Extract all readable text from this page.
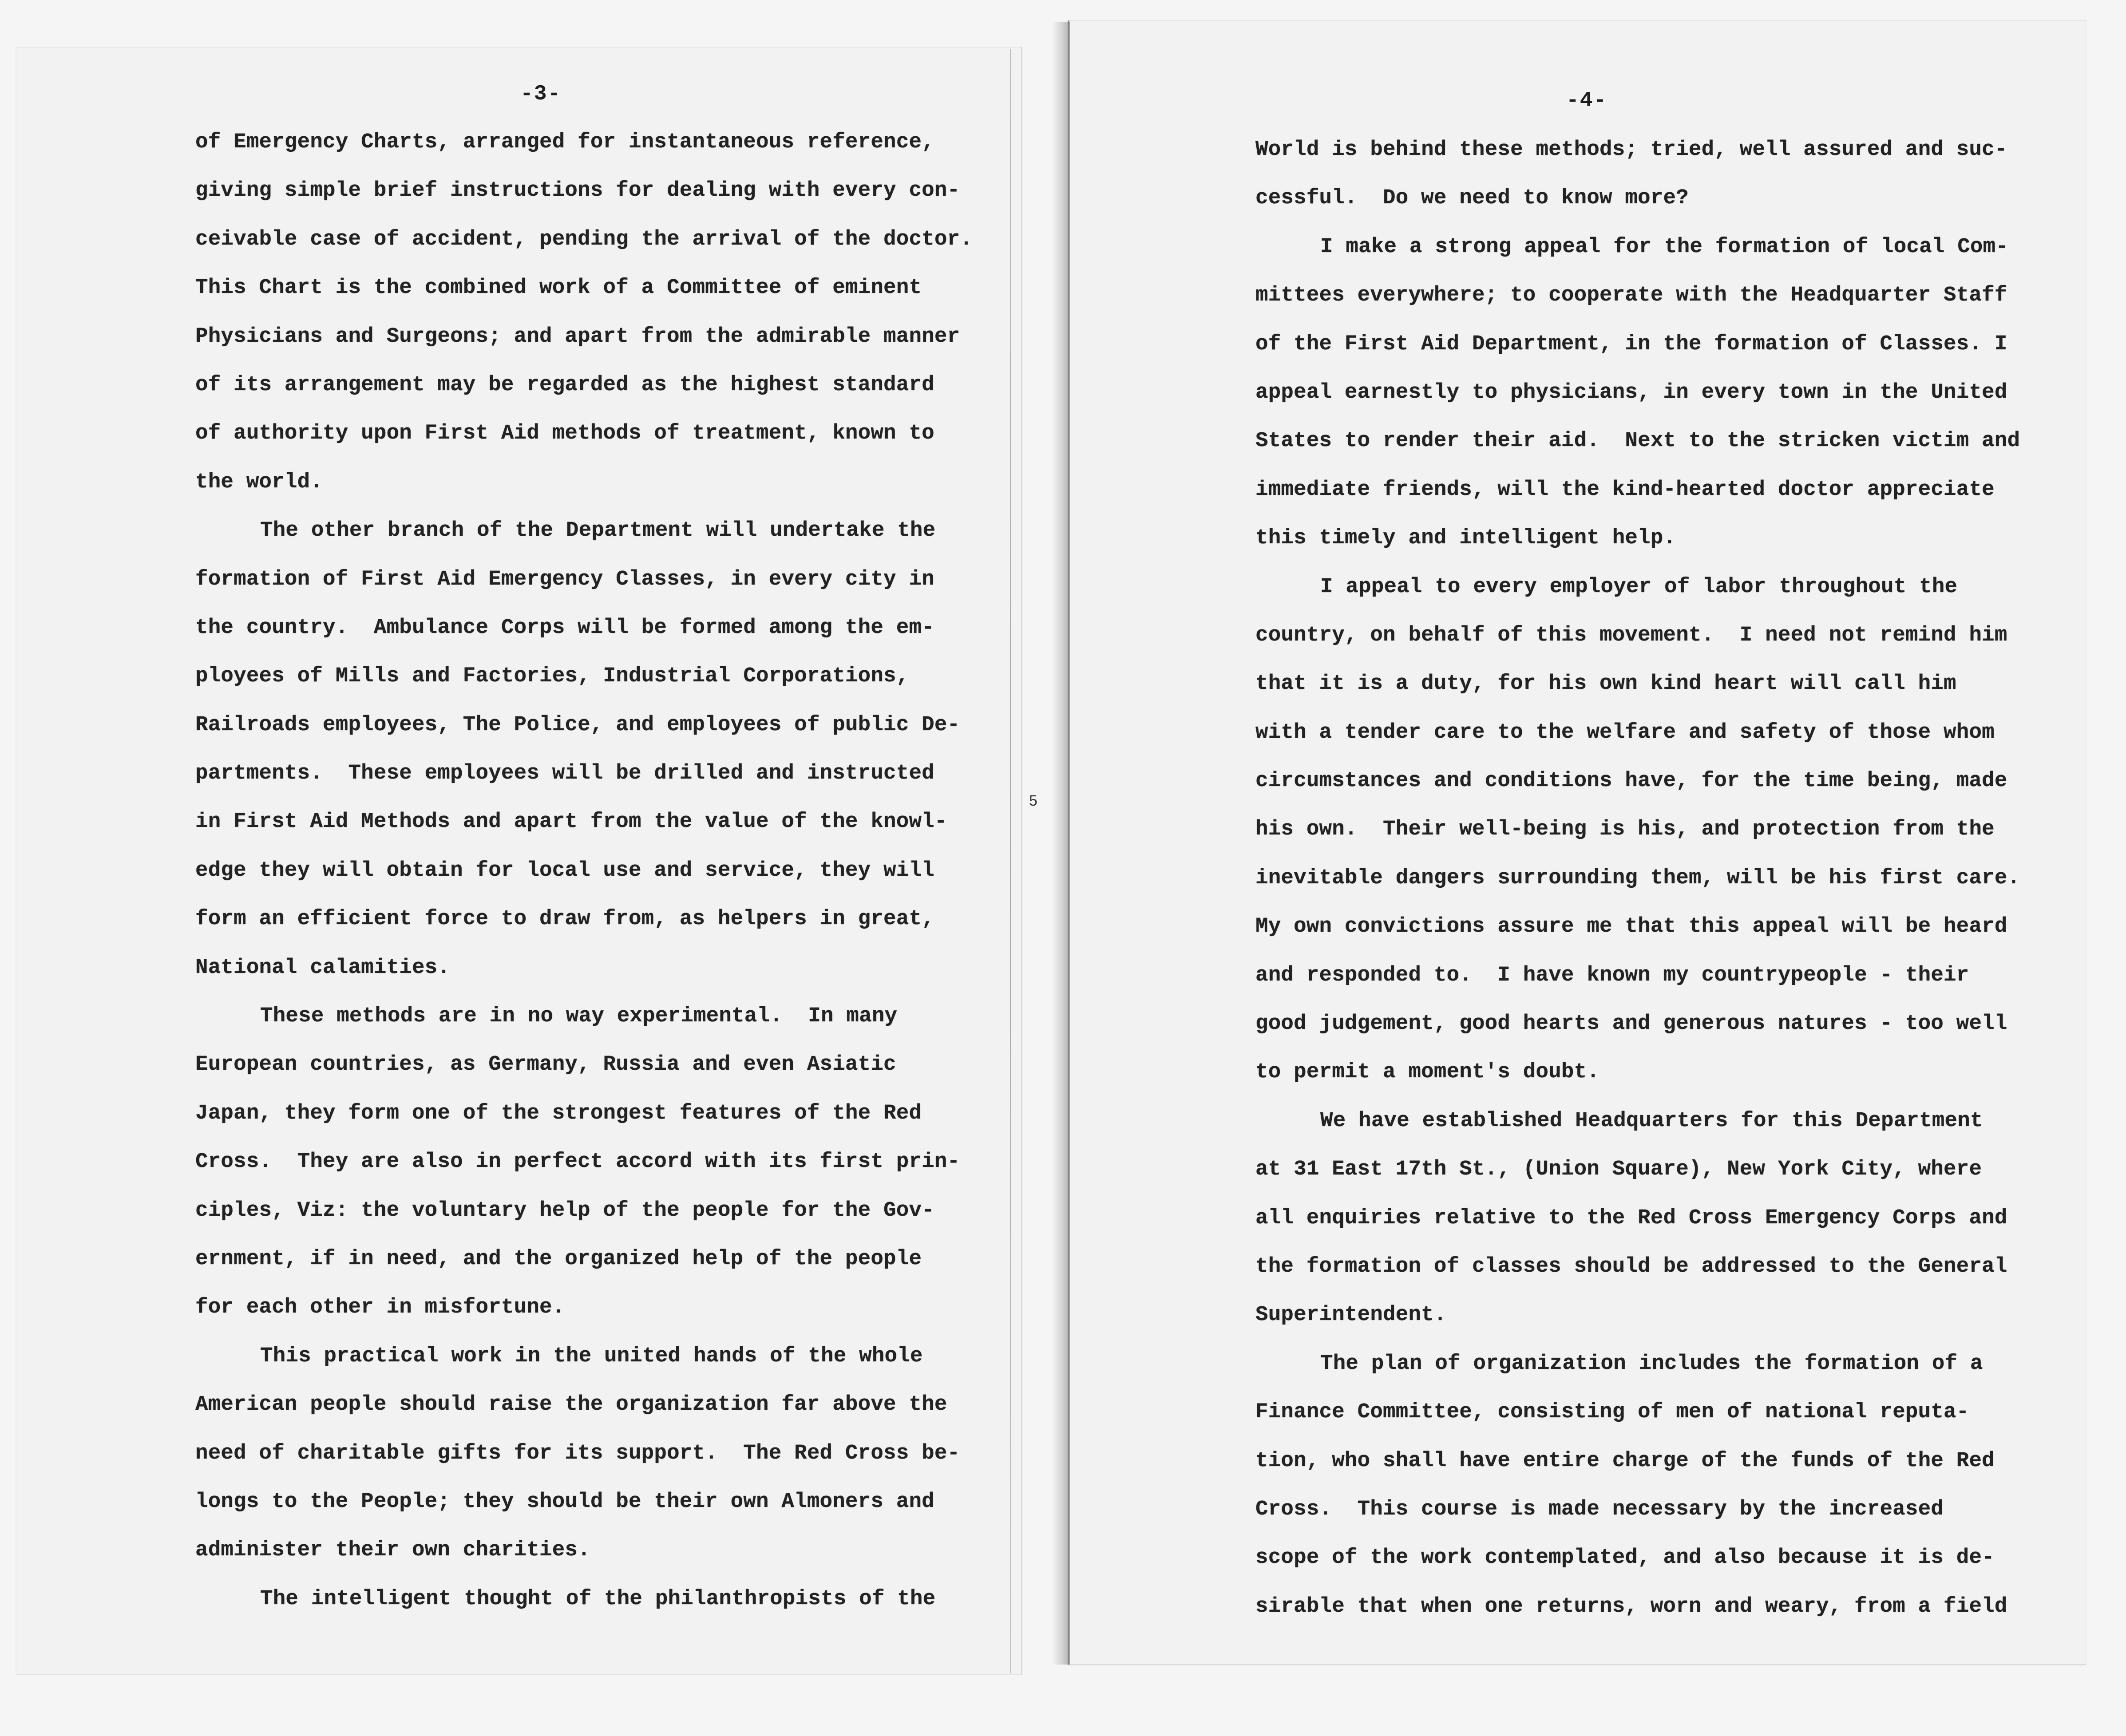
5
-3-
of Emergency Charts, arranged for instantaneous reference,
giving simple brief instructions for dealing with every con-
ceivable case of accident, pending the arrival of the doctor.
This Chart is the combined work of a Committee of eminent
Physicians and Surgeons; and apart from the admirable manner
of its arrangement may be regarded as the highest standard
of authority upon First Aid methods of treatment, known to
the world.
The other branch of the Department will undertake the
formation of First Aid Emergency Classes, in every city in
the country.  Ambulance Corps will be formed among the em-
ployees of Mills and Factories, Industrial Corporations,
Railroads employees, The Police, and employees of public De-
partments.  These employees will be drilled and instructed
in First Aid Methods and apart from the value of the knowl-
edge they will obtain for local use and service, they will
form an efficient force to draw from, as helpers in great,
National calamities.
These methods are in no way experimental.  In many
European countries, as Germany, Russia and even Asiatic
Japan, they form one of the strongest features of the Red
Cross.  They are also in perfect accord with its first prin-
ciples, Viz: the voluntary help of the people for the Gov-
ernment, if in need, and the organized help of the people
for each other in misfortune.
This practical work in the united hands of the whole
American people should raise the organization far above the
need of charitable gifts for its support.  The Red Cross be-
longs to the People; they should be their own Almoners and
administer their own charities.
The intelligent thought of the philanthropists of the
-4-
World is behind these methods; tried, well assured and suc-
cessful.  Do we need to know more?
I make a strong appeal for the formation of local Com-
mittees everywhere; to cooperate with the Headquarter Staff
of the First Aid Department, in the formation of Classes. I
appeal earnestly to physicians, in every town in the United
States to render their aid.  Next to the stricken victim and
immediate friends, will the kind-hearted doctor appreciate
this timely and intelligent help.
I appeal to every employer of labor throughout the
country, on behalf of this movement.  I need not remind him
that it is a duty, for his own kind heart will call him
with a tender care to the welfare and safety of those whom
circumstances and conditions have, for the time being, made
his own.  Their well-being is his, and protection from the
inevitable dangers surrounding them, will be his first care.
My own convictions assure me that this appeal will be heard
and responded to.  I have known my countrypeople - their
good judgement, good hearts and generous natures - too well
to permit a moment's doubt.
We have established Headquarters for this Department
at 31 East 17th St., (Union Square), New York City, where
all enquiries relative to the Red Cross Emergency Corps and
the formation of classes should be addressed to the General
Superintendent.
The plan of organization includes the formation of a
Finance Committee, consisting of men of national reputa-
tion, who shall have entire charge of the funds of the Red
Cross.  This course is made necessary by the increased
scope of the work contemplated, and also because it is de-
sirable that when one returns, worn and weary, from a field
